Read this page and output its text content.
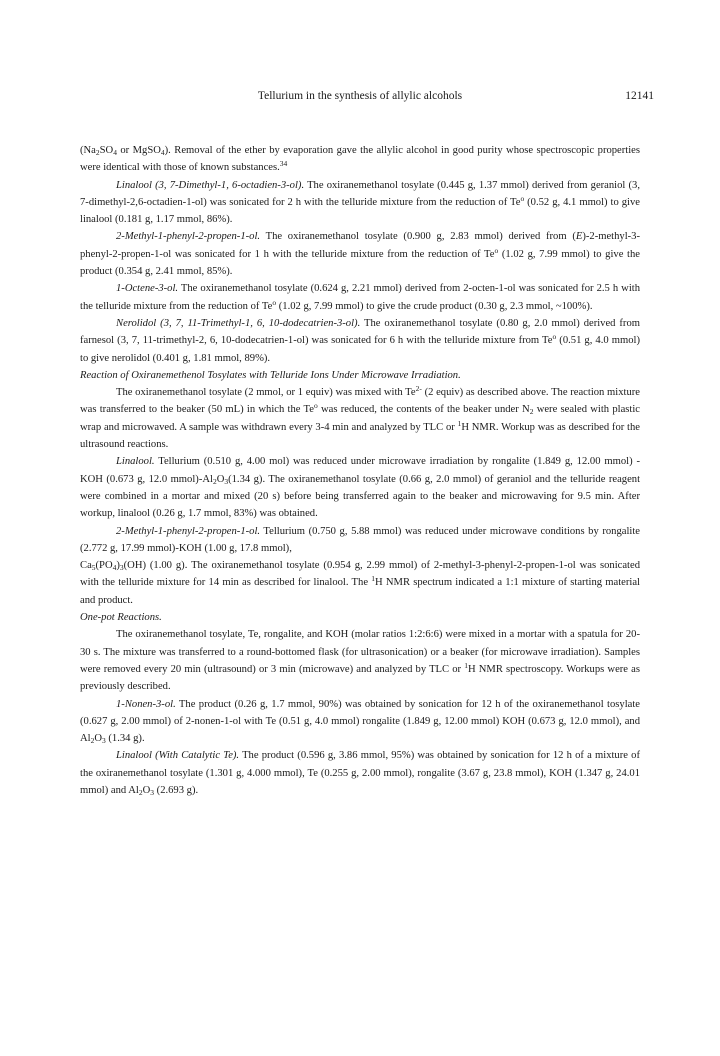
Tellurium in the synthesis of allylic alcohols	12141

($Na_2SO_4$ or MgSO$_4$). Removal of the ether by evaporation gave the allylic alcohol in good purity whose spectroscopic properties were identical with those of known substances.$^{34}$

Linalool (3, 7-Dimethyl-1, 6-octadien-3-ol). The oxiranemethanol tosylate (0.445 g, 1.37 mmol) derived from geraniol (3, 7-dimethyl-2,6-octadien-1-ol) was sonicated for 2 h with the telluride mixture from the reduction of Te$^o$ (0.52 g, 4.1 mmol) to give linalool (0.181 g, 1.17 mmol, 86%).

2-Methyl-1-phenyl-2-propen-1-ol. The oxiranemethanol tosylate (0.900 g, 2.83 mmol) derived from (E)-2-methyl-3-phenyl-2-propen-1-ol was sonicated for 1 h with the telluride mixture from the reduction of Te$^o$ (1.02 g, 7.99 mmol) to give the product (0.354 g, 2.41 mmol, 85%).

1-Octene-3-ol. The oxiranemethanol tosylate (0.624 g, 2.21 mmol) derived from 2-octen-1-ol was sonicated for 2.5 h with the telluride mixture from the reduction of Te$^o$ (1.02 g, 7.99 mmol) to give the crude product (0.30 g, 2.3 mmol, ~100%).

Nerolidol (3, 7, 11-Trimethyl-1, 6, 10-dodecatrien-3-ol). The oxiranemethanol tosylate (0.80 g, 2.0 mmol) derived from farnesol (3, 7, 11-trimethyl-2, 6, 10-dodecatrien-1-ol) was sonicated for 6 h with the telluride mixture from Te$^o$ (0.51 g, 4.0 mmol) to give nerolidol (0.401 g, 1.81 mmol, 89%).

Reaction of Oxiranemethenol Tosylates with Telluride Ions Under Microwave Irradiation.

The oxiranemethanol tosylate (2 mmol, or 1 equiv) was mixed with $Te^{2-}$ (2 equiv) as described above. The reaction mixture was transferred to the beaker (50 mL) in which the Te$^o$ was reduced, the contents of the beaker under $N_2$ were sealed with plastic wrap and microwaved. A sample was withdrawn every 3-4 min and analyzed by TLC or $^1$H NMR. Workup was as described for the ultrasound reactions.

Linalool. Tellurium (0.510 g, 4.00 mol) was reduced under microwave irradiation by rongalite (1.849 g, 12.00 mmol) -KOH (0.673 g, 12.0 $mmol)-Al_2O_3(1.34$ g). The oxiranemethanol tosylate (0.66 g, 2.0 mmol) of geraniol and the telluride reagent were combined in a mortar and mixed (20 s) before being transferred again to the beaker and microwaving for 9.5 min. After workup, linalool (0.26 g, 1.7 mmol, 83%) was obtained.

2-Methyl-1-phenyl-2-propen-1-ol. Tellurium (0.750 g, 5.88 mmol) was reduced under microwave conditions by rongalite (2.772 g, 17.99 mmol)-KOH (1.00 g, 17.8 mmol),

$Ca_5(PO_4)_3(OH)$ (1.00 g). The oxiranemethanol tosylate (0.954 g, 2.99 mmol) of 2-methyl-3-phenyl-2-propen-1-ol was sonicated with the telluride mixture for 14 min as described for linalool. The $^1$H NMR spectrum indicated a 1:1 mixture of starting material and product.

One-pot Reactions.

The oxiranemethanol tosylate, Te, rongalite, and KOH (molar ratios 1:2:6:6) were mixed in a mortar with a spatula for 20-30 s. The mixture was transferred to a round-bottomed flask (for ultrasonication) or a beaker (for microwave irradiation). Samples were removed every 20 min (ultrasound) or 3 min (microwave) and analyzed by TLC or $^1$H NMR spectroscopy. Workups were as previously described.

1-Nonen-3-ol. The product (0.26 g, 1.7 mmol, 90%) was obtained by sonication for 12 h of the oxiranemethanol tosylate (0.627 g, 2.00 mmol) of 2-nonen-1-ol with Te (0.51 g, 4.0 mmol) rongalite (1.849 g, 12.00 mmol) KOH (0.673 g, 12.0 mmol), and $Al_2O_3$ (1.34 g).

Linalool (With Catalytic Te). The product (0.596 g, 3.86 mmol, 95%) was obtained by sonication for 12 h of a mixture of the oxiranemethanol tosylate (1.301 g, 4.000 mmol), Te (0.255 g, 2.00 mmol), rongalite (3.67 g, 23.8 mmol), KOH (1.347 g, 24.01 mmol) and $Al_2O_3$ (2.693 g).
